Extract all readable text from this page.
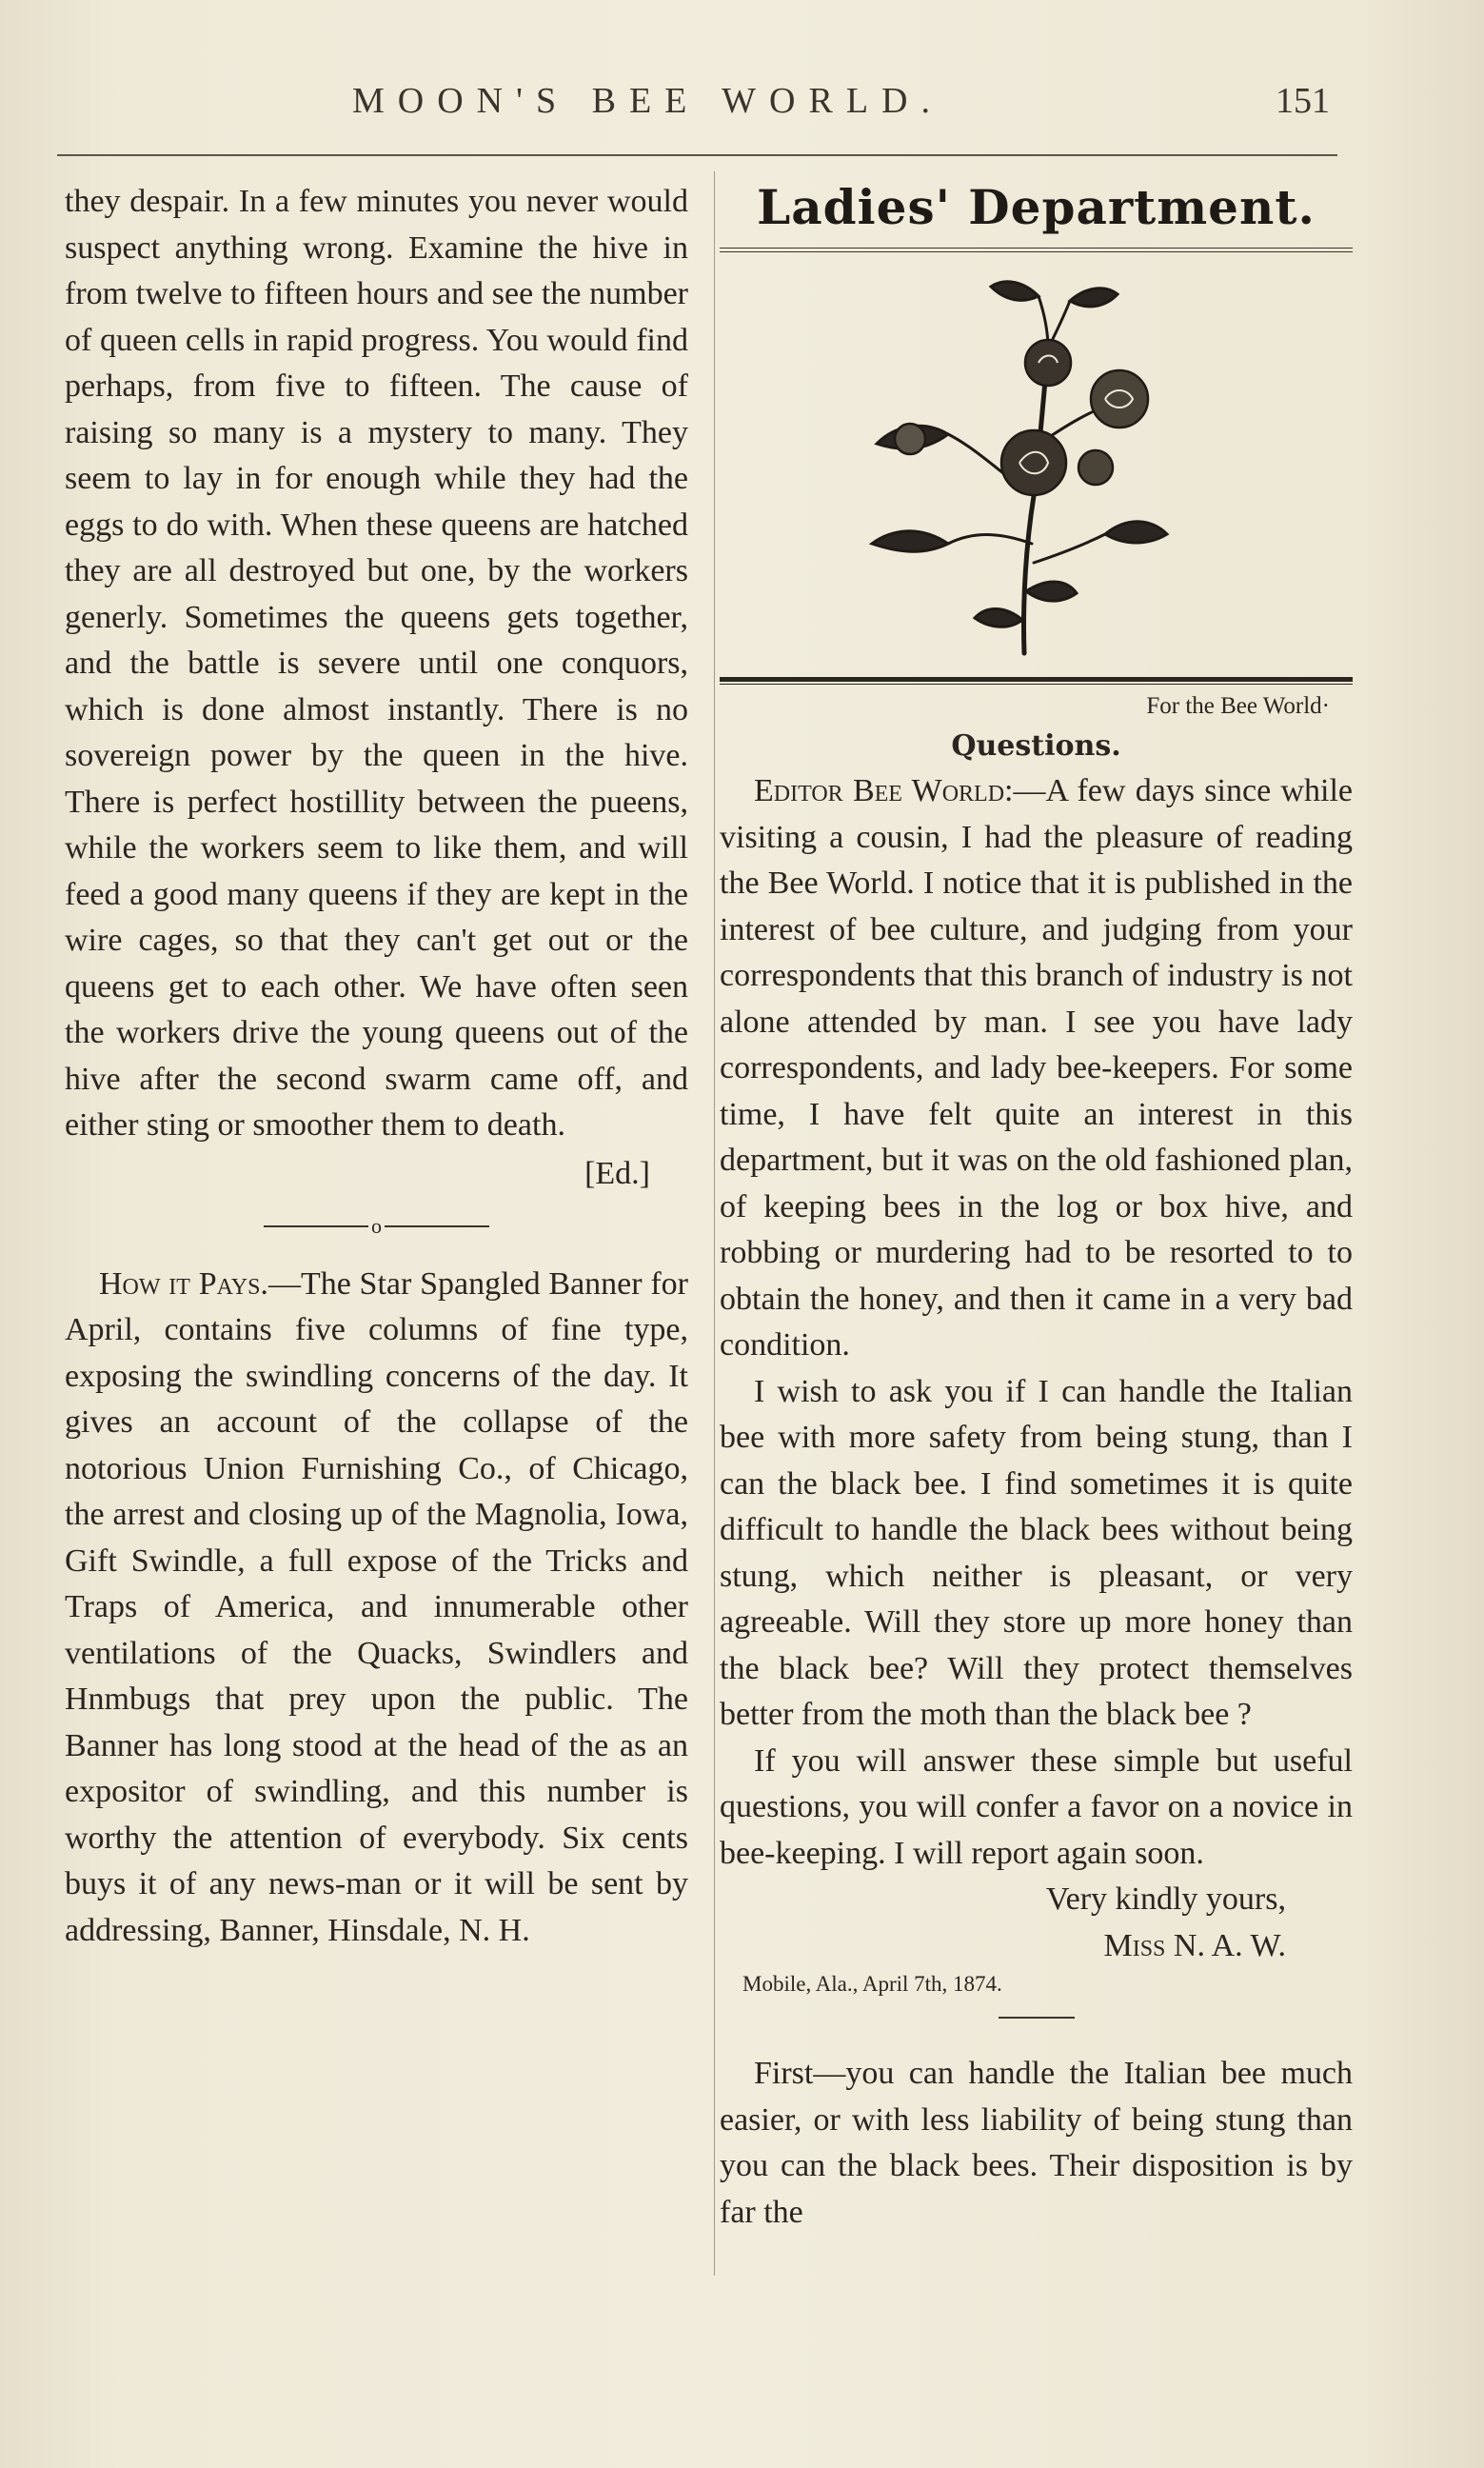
MOON'S BEE WORLD.	151

they despair. In a few minutes you never would suspect anything wrong. Examine the hive in from twelve to fifteen hours and see the number of queen cells in rapid progress. You would find perhaps, from five to fifteen. The cause of raising so many is a mystery to many. They seem to lay in for enough while they had the eggs to do with. When these queens are hatched they are all destroyed but one, by the workers generly. Sometimes the queens gets together, and the battle is severe until one conquors, which is done almost instantly. There is no sovereign power by the queen in the hive. There is perfect hostillity between the pueens, while the workers seem to like them, and will feed a good many queens if they are kept in the wire cages, so that they can't get out or the queens get to each other. We have often seen the workers drive the young queens out of the hive after the second swarm came off, and either sting or smoother them to death.

[Ed.]

o

How it Pays.—The Star Spangled Banner for April, contains five columns of fine type, exposing the swindling concerns of the day. It gives an account of the collapse of the notorious Union Furnishing Co., of Chicago, the arrest and closing up of the Magnolia, Iowa, Gift Swindle, a full expose of the Tricks and Traps of America, and innumerable other ventilations of the Quacks, Swindlers and Hnmbugs that prey upon the public. The Banner has long stood at the head of the as an expositor of swindling, and this number is worthy the attention of everybody. Six cents buys it of any news-man or it will be sent by addressing, Banner, Hinsdale, N. H.

Ladies' Department.
For the Bee World·
Questions.

Editor Bee World:—A few days since while visiting a cousin, I had the pleasure of reading the Bee World. I notice that it is published in the interest of bee culture, and judging from your correspondents that this branch of industry is not alone attended by man. I see you have lady correspondents, and lady bee-keepers. For some time, I have felt quite an interest in this department, but it was on the old fashioned plan, of keeping bees in the log or box hive, and robbing or murdering had to be resorted to to obtain the honey, and then it came in a very bad condition.

I wish to ask you if I can handle the Italian bee with more safety from being stung, than I can the black bee. I find sometimes it is quite difficult to handle the black bees without being stung, which neither is pleasant, or very agreeable. Will they store up more honey than the black bee? Will they protect themselves better from the moth than the black bee ?

If you will answer these simple but useful questions, you will confer a favor on a novice in bee-keeping. I will report again soon.

Very kindly yours,

Miss N. A. W.

Mobile, Ala., April 7th, 1874.

First—you can handle the Italian bee much easier, or with less liability of being stung than you can the black bees. Their disposition is by far the
